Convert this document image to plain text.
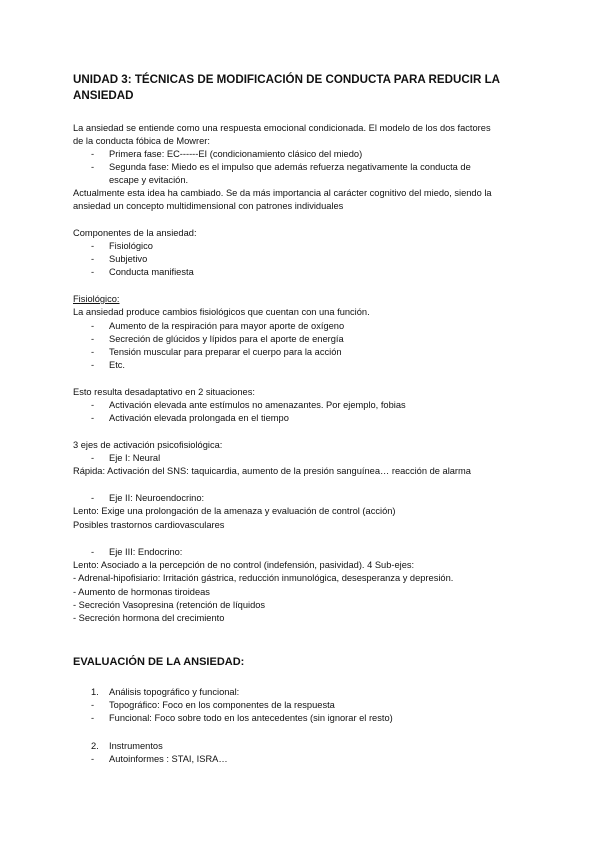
UNIDAD 3: TÉCNICAS DE MODIFICACIÓN DE CONDUCTA PARA REDUCIR LA
ANSIEDAD
La ansiedad se entiende como una respuesta emocional condicionada. El modelo de los dos factores
de la conducta fóbica de Mowrer:
- Primera fase: EC------EI (condicionamiento clásico del miedo)
- Segunda fase: Miedo es el impulso que además refuerza negativamente la conducta de
escape y evitación.
Actualmente esta idea ha cambiado. Se da más importancia al carácter cognitivo del miedo, siendo la
ansiedad un concepto multidimensional con patrones individuales
Componentes de la ansiedad:
- Fisiológico
- Subjetivo
- Conducta manifiesta
Fisiológico:
La ansiedad produce cambios fisiológicos que cuentan con una función.
- Aumento de la respiración para mayor aporte de oxígeno
- Secreción de glúcidos y lípidos para el aporte de energía
- Tensión muscular para preparar el cuerpo para la acción
- Etc.
Esto resulta desadaptativo en 2 situaciones:
- Activación elevada ante estímulos no amenazantes. Por ejemplo, fobias
- Activación elevada prolongada en el tiempo
3 ejes de activación psicofisiológica:
- Eje I: Neural
Rápida: Activación del SNS: taquicardia, aumento de la presión sanguínea… reacción de alarma
- Eje II: Neuroendocrino:
Lento: Exige una prolongación de la amenaza y evaluación de control (acción)
Posibles trastornos cardiovasculares
- Eje III: Endocrino:
Lento: Asociado a la percepción de no control (indefensión, pasividad). 4 Sub-ejes:
- Adrenal-hipofisiario: Irritación gástrica, reducción inmunológica, desesperanza y depresión.
- Aumento de hormonas tiroideas
- Secreción Vasopresina (retención de líquidos
- Secreción hormona del crecimiento
EVALUACIÓN DE LA ANSIEDAD:
1. Análisis topográfico y funcional:
- Topográfico: Foco en los componentes de la respuesta
- Funcional: Foco sobre todo en los antecedentes (sin ignorar el resto)
2. Instrumentos
- Autoinformes : STAI, ISRA…
